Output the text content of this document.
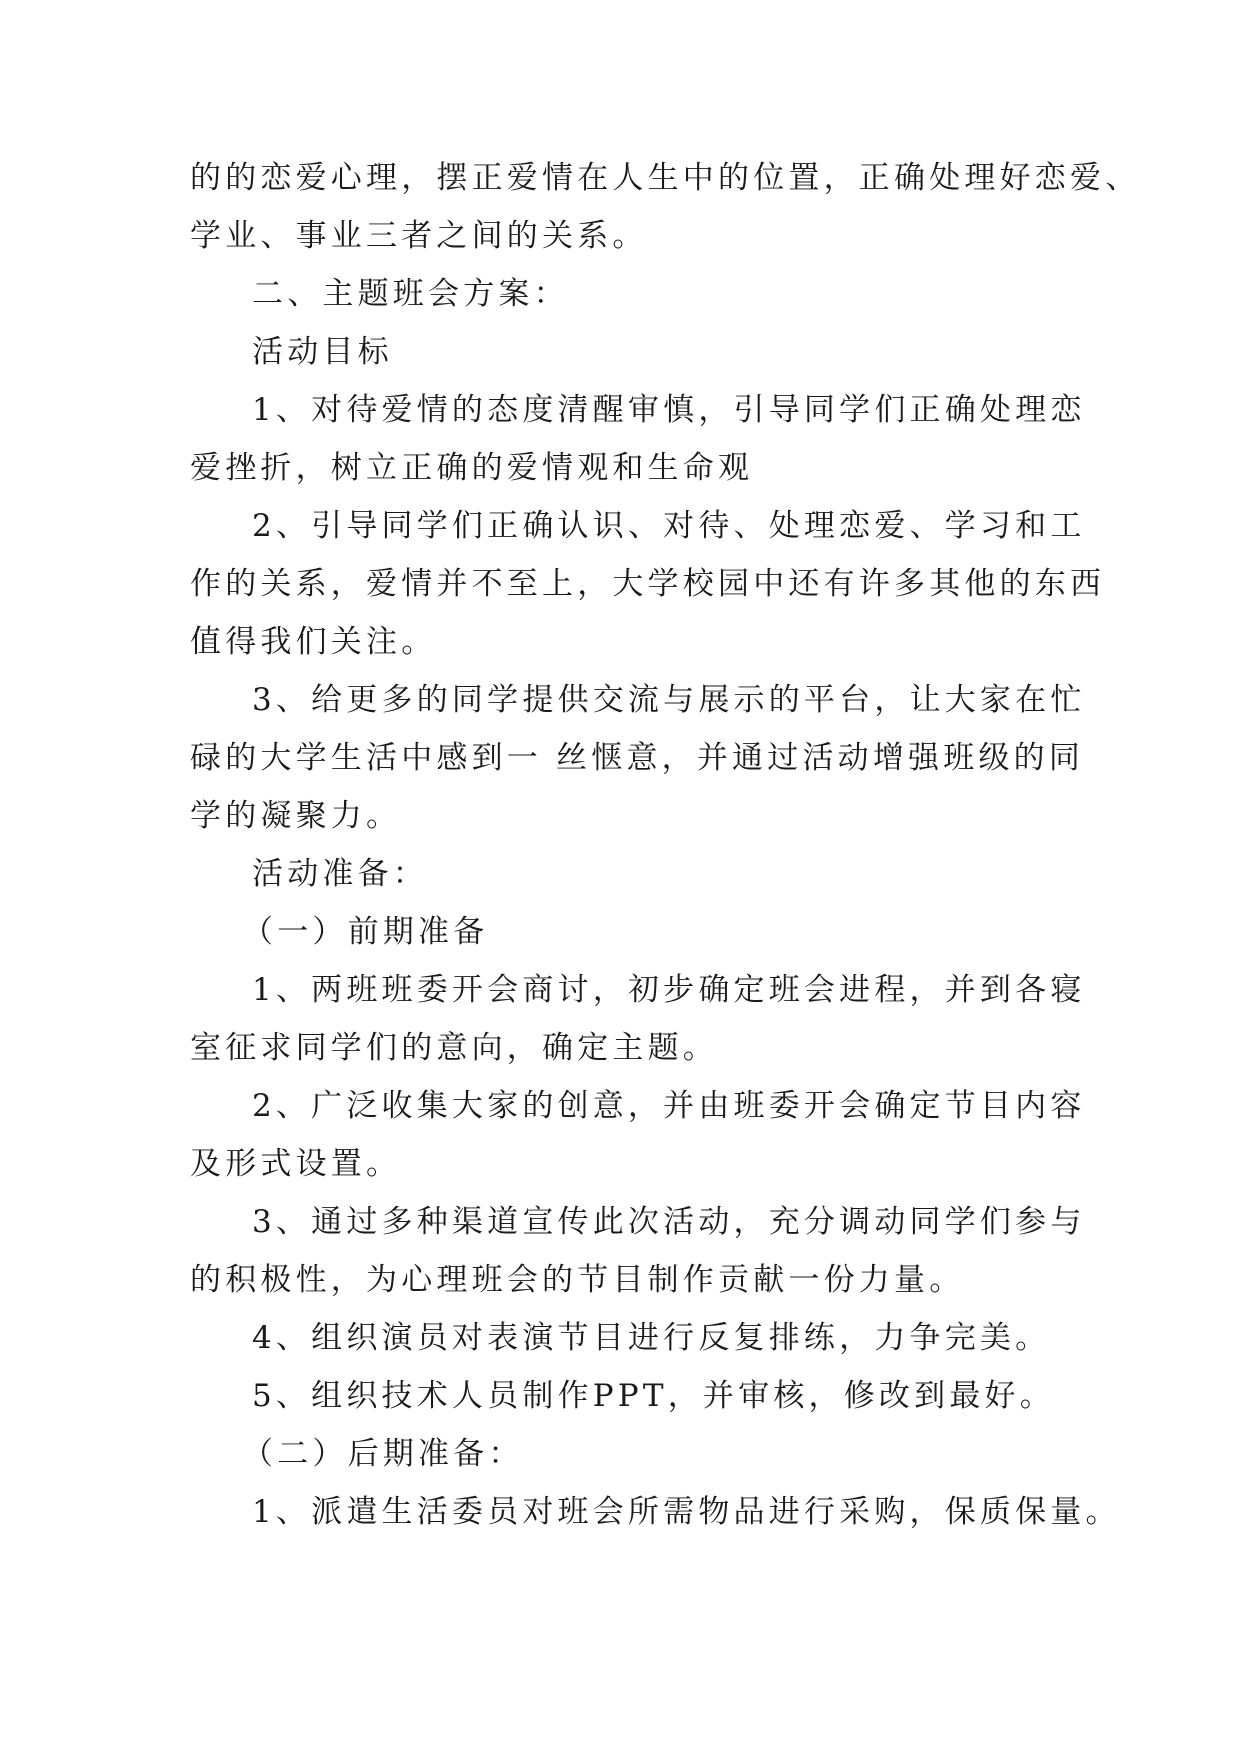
的的恋爱心理，摆正爱情在人生中的位置，正确处理好恋爱、
学业、事业三者之间的关系。
二、主题班会方案：
活动目标
1、对待爱情的态度清醒审慎，引导同学们正确处理恋
爱挫折，树立正确的爱情观和生命观
2、引导同学们正确认识、对待、处理恋爱、学习和工
作的关系，爱情并不至上，大学校园中还有许多其他的东西
值得我们关注。
3、给更多的同学提供交流与展示的平台，让大家在忙
碌的大学生活中感到一 丝惬意，并通过活动增强班级的同
学的凝聚力。
活动准备：
（一）前期准备
1、两班班委开会商讨，初步确定班会进程，并到各寝
室征求同学们的意向，确定主题。
2、广泛收集大家的创意，并由班委开会确定节目内容
及形式设置。
3、通过多种渠道宣传此次活动，充分调动同学们参与
的积极性，为心理班会的节目制作贡献一份力量。
4、组织演员对表演节目进行反复排练，力争完美。
5、组织技术人员制作PPT，并审核，修改到最好。
（二）后期准备：
1、派遣生活委员对班会所需物品进行采购，保质保量。
